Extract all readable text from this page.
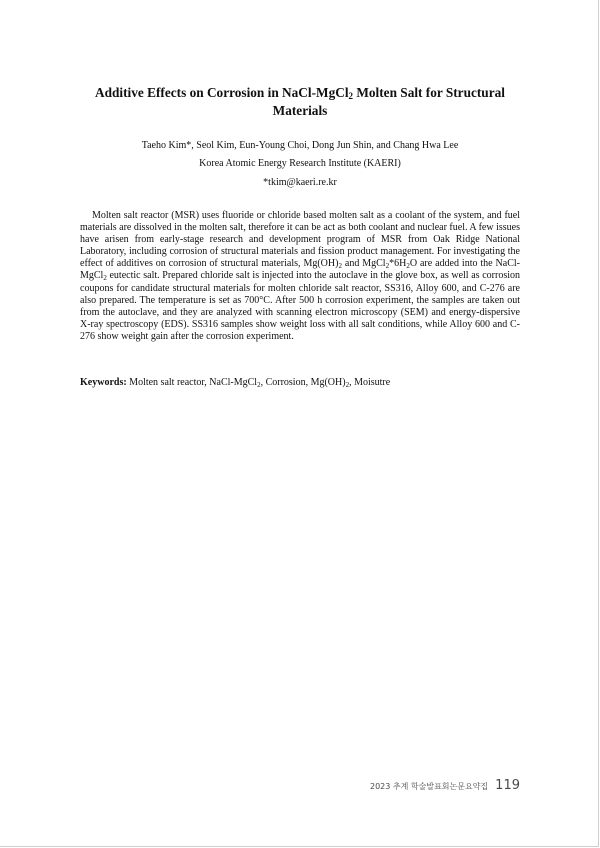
Additive Effects on Corrosion in NaCl-MgCl$_2$ Molten Salt for Structural
Materials
Taeho Kim*, Seol Kim, Eun-Young Choi, Dong Jun Shin, and Chang Hwa Lee
Korea Atomic Energy Research Institute (KAERI)
*tkim@kaeri.re.kr

Molten salt reactor (MSR) uses fluoride or chloride based molten salt as a coolant of the system, and fuel materials are dissolved in the molten salt, therefore it can be act as both coolant and nuclear fuel. A few issues have arisen from early-stage research and development program of MSR from Oak Ridge National Laboratory, including corrosion of structural materials and fission product management. For investigating the effect of additives on corrosion of structural materials, $Mg(OH)_2$ and $MgCl_2*6H_2O$ are added into the NaCl-MgCl$_2$ eutectic salt. Prepared chloride salt is injected into the autoclave in the glove box, as well as corrosion coupons for candidate structural materials for molten chloride salt reactor, SS316, Alloy 600, and C-276 are also prepared. The temperature is set as 700°C. After 500 h corrosion experiment, the samples are taken out from the autoclave, and they are analyzed with scanning electron microscopy (SEM) and energy-dispersive X-ray spectroscopy (EDS). SS316 samples show weight loss with all salt conditions, while Alloy 600 and C-276 show weight gain after the corrosion experiment.

Keywords: Molten salt reactor, NaCl-MgCl$_2$, Corrosion, $Mg(OH)_2$, Moisutre

2023 추계 학술발표회논문요약집 119
